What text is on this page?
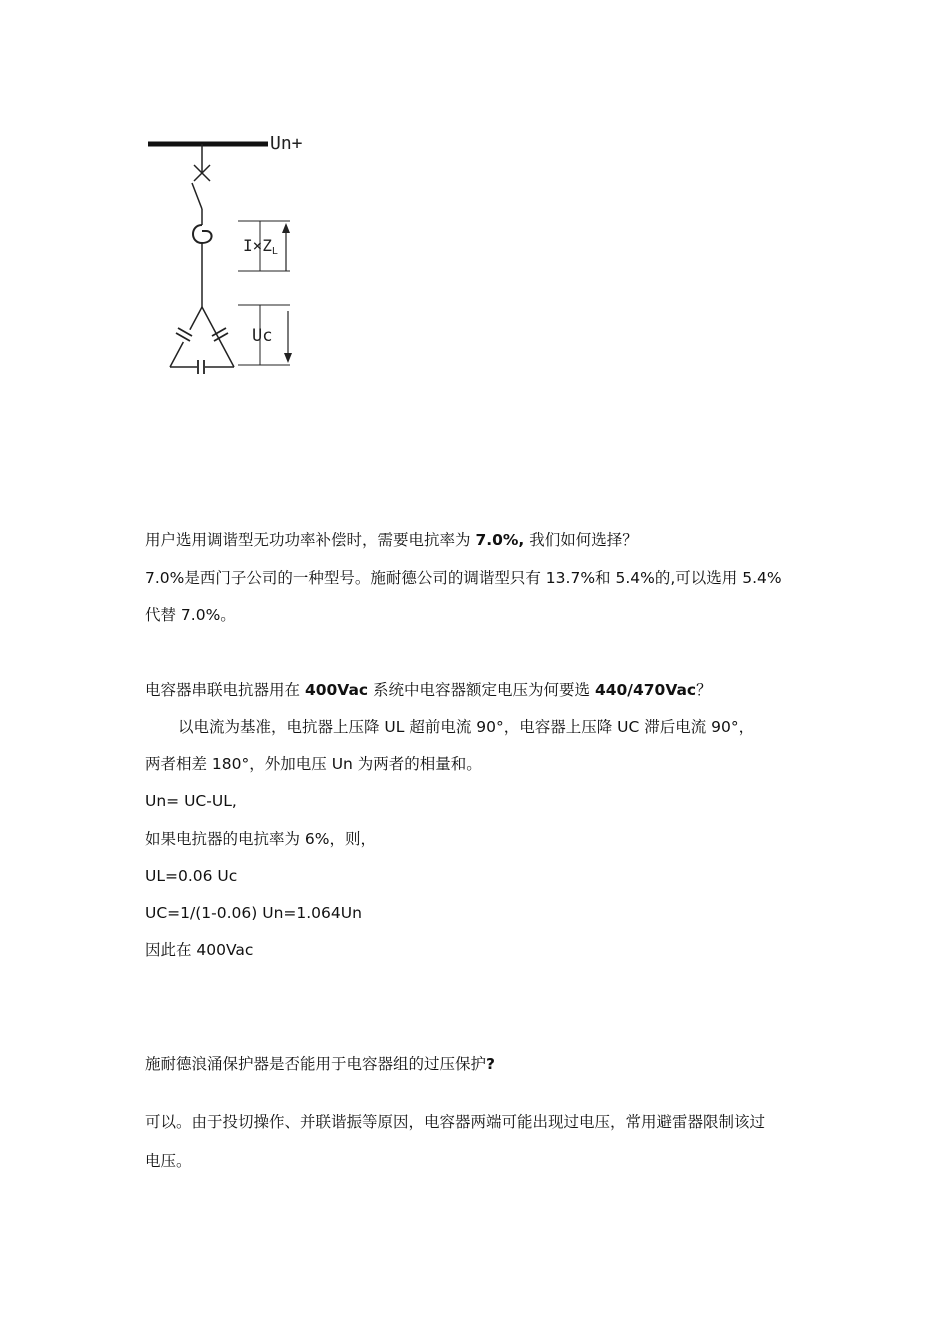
Un+
I×ZL
Uc
用户选用调谐型无功功率补偿时，需要电抗率为 7.0%, 我们如何选择？
7.0%是西门子公司的一种型号。施耐德公司的调谐型只有 13.7%和 5.4%的,可以选用 5.4%
代替 7.0%。
电容器串联电抗器用在 400Vac 系统中电容器额定电压为何要选 440/470Vac？
以电流为基准，电抗器上压降 UL 超前电流 90°，电容器上压降 UC 滞后电流 90°，
两者相差 180°，外加电压 Un 为两者的相量和。
Un= UC-UL,
如果电抗器的电抗率为 6%，则，
UL=0.06 Uc
UC=1/(1-0.06) Un=1.064Un
因此在 400Vac
施耐德浪涌保护器是否能用于电容器组的过压保护?
可以。由于投切操作、并联谐振等原因，电容器两端可能出现过电压，常用避雷器限制该过
电压。
